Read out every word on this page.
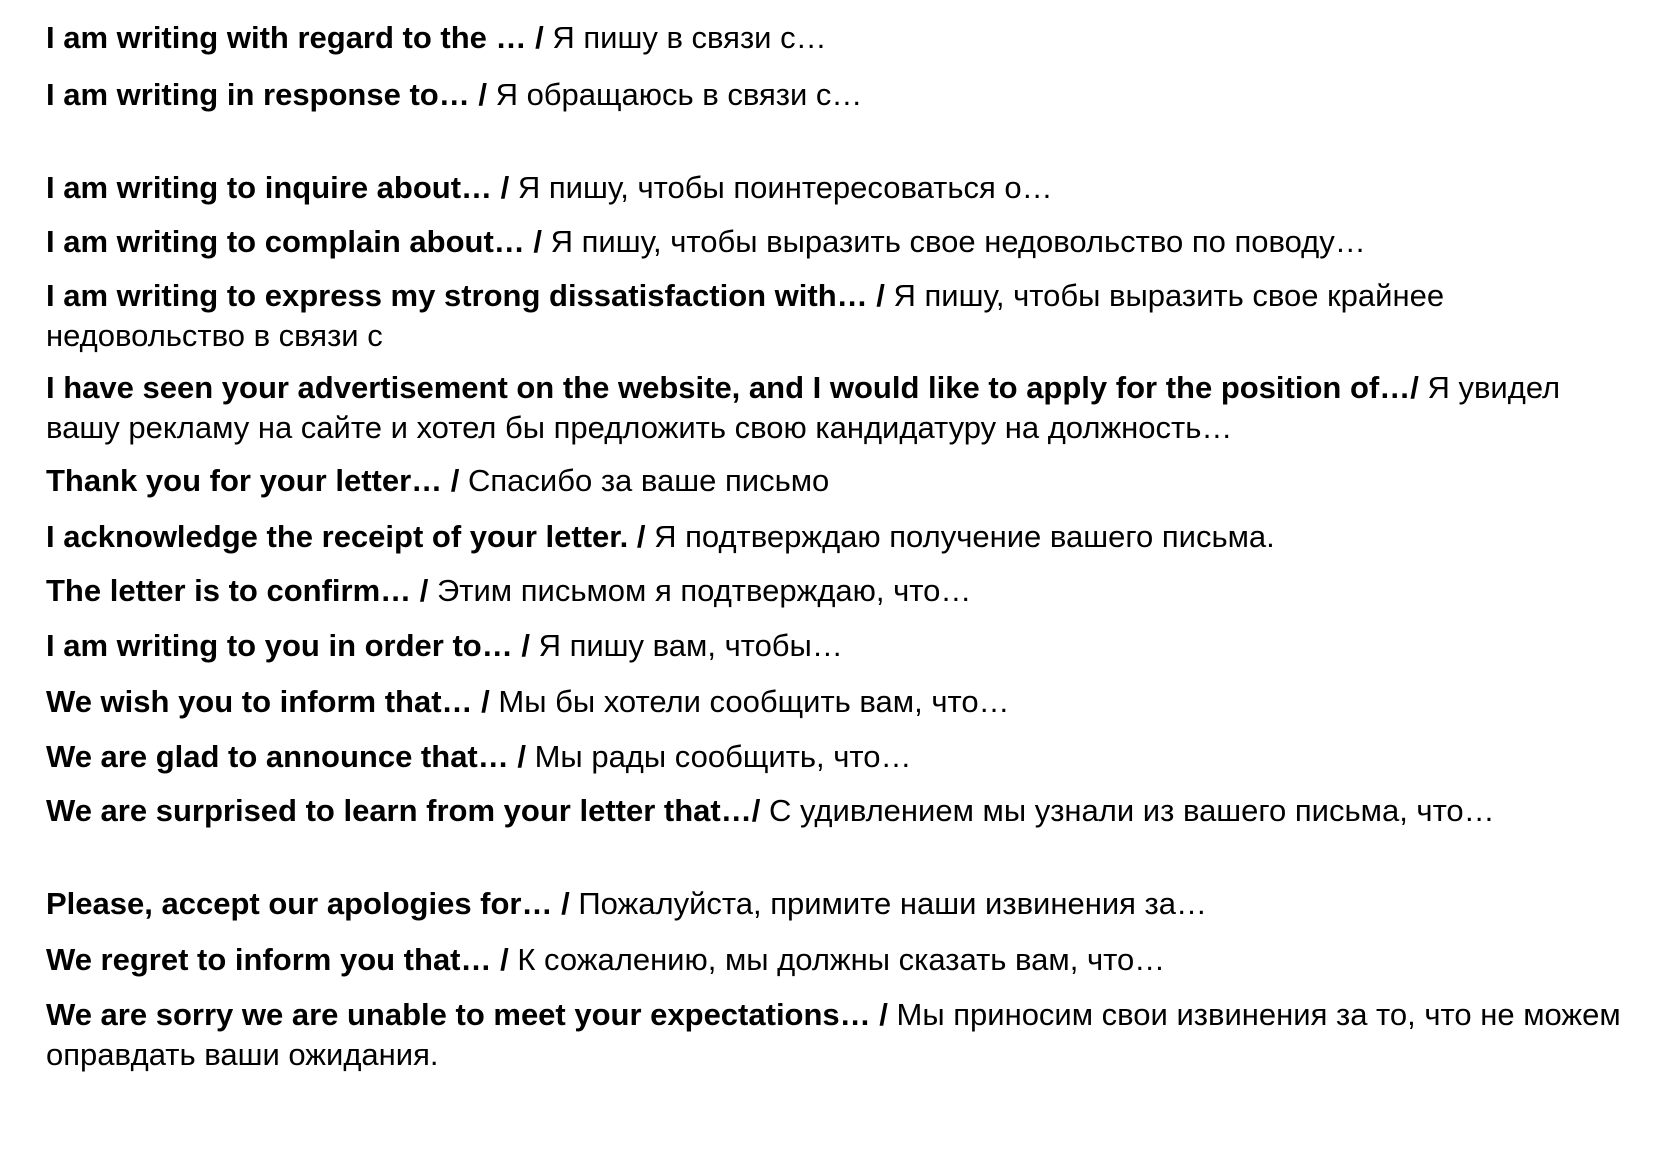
I am writing with regard to the … / Я пишу в связи с…

I am writing in response to… / Я обращаюсь в связи с…

I am writing to inquire about… / Я пишу, чтобы поинтересоваться о…

I am writing to complain about… / Я пишу, чтобы выразить свое недовольство по поводу…

I am writing to express my strong dissatisfaction with… / Я пишу, чтобы выразить свое крайнее недовольство в связи с

I have seen your advertisement on the website, and I would like to apply for the position of…/ Я увидел вашу рекламу на сайте и хотел бы предложить свою кандидатуру на должность…

Thank you for your letter… / Спасибо за ваше письмо

I acknowledge the receipt of your letter. / Я подтверждаю получение вашего письма.

The letter is to confirm… / Этим письмом я подтверждаю, что…

I am writing to you in order to… / Я пишу вам, чтобы…

We wish you to inform that… / Мы бы хотели сообщить вам, что…

We are glad to announce that… / Мы рады сообщить, что…

We are surprised to learn from your letter that…/ С удивлением мы узнали из вашего письма, что…

Please, accept our apologies for… / Пожалуйста, примите наши извинения за…

We regret to inform you that… / К сожалению, мы должны сказать вам, что…

We are sorry we are unable to meet your expectations… / Мы приносим свои извинения за то, что не можем оправдать ваши ожидания.
